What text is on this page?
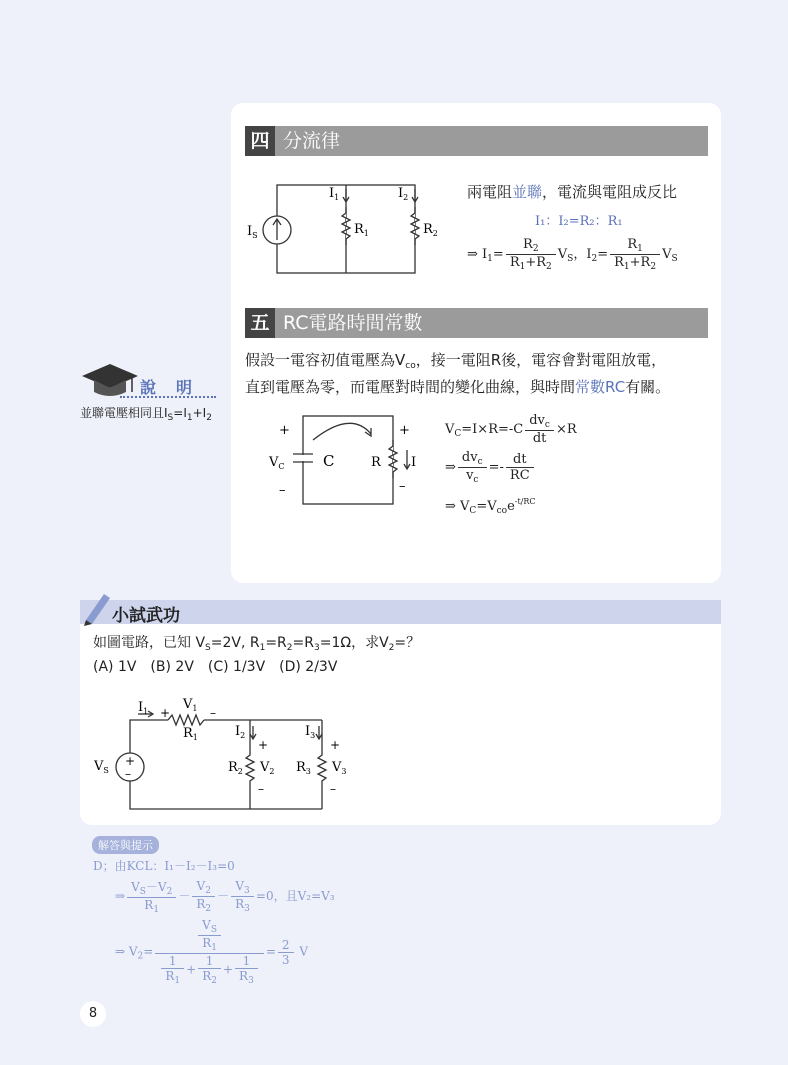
四 分流律
$I_1$	$I_2$
$I_S$	$R_1$	$R_2$
兩電阻並聯，電流與電阻成反比
I₁：I₂=R₂：R₁
⇒ $I_1= \frac{R_2}{R_1+R_2} V_S$，$I_2= \frac{R_1}{R_1+R_2} V_S$
五 RC電路時間常數
假設一電容初值電壓為$V_{co}$，接一電阻R後，電容會對電阻放電，
直到電壓為零，而電壓對時間的變化曲線，與時間常數RC有關。
說　明
並聯電壓相同且$I_S=I_1+I_2$
+
–
+
–
$V_C$	C	R I
$V_C=I\times R=-C \frac{dv_c}{dt} \times R$
⇒ $\frac{dv_c}{v_c} =- \frac{dt}{RC}$
⇒ $V_C=V_{co}e^{-t/RC}$
小試武功
如圖電路，已知 $V_S=2V$, $R_1=R_2=R_3=1\Omega$，求$V_2=$？
(A) 1V　(B) 2V　(C) 1/3V　(D) 2/3V
+
–
$V_S$
$I_1$ +	–
$V_1$
$R_1$	$I_2$	$I_3$
+	+
–	–
$R_2$ $V_2$ $R_3$ $V_3$
解答與提示
D；由KCL：I₁－I₂－I₃=0
⇒ $\frac{V_S-V_2}{R_1} - \frac{V_2}{R_2} - \frac{V_3}{R_3} =0$，且V₂=V₃
⇒ $V_2= \frac{\frac{V_S}{R_1}}{\frac{1}{R_1} + \frac{1}{R_2} + \frac{1}{R_3}} = \frac{2}{3}$ V
8
